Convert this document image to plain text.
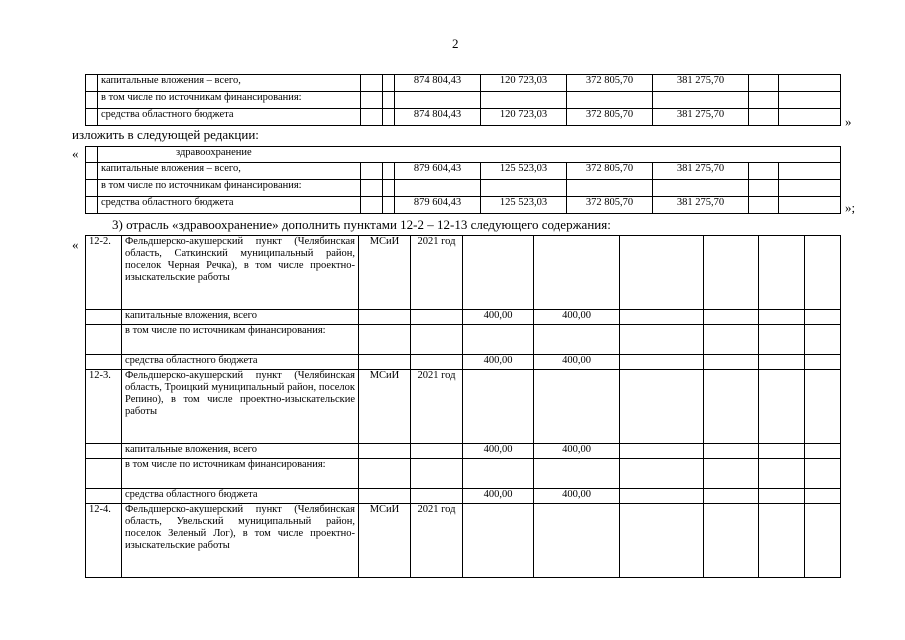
2
	капитальные вложения – всего,			874 804,43	120 723,03	372 805,70	381 275,70		
	в том числе по источникам финансирования:								
	средства областного бюджета			874 804,43	120 723,03	372 805,70	381 275,70			»
изложить в следующей редакции:
«
		здравоохранение								
	капитальные вложения – всего,			879 604,43	125 523,03	372 805,70	381 275,70		
	в том числе по источникам финансирования:								
	средства областного бюджета			879 604,43	125 523,03	372 805,70	381 275,70			»;
3) отрасль «здравоохранение» дополнить пунктами 12-2 – 12-13 следующего содержания:
« 12-2.	Фельдшерско-акушерский пункт (Челябинская область, Саткинский муниципальный район, поселок Черная Речка), в том числе проектно-изыскательские работы	МСиИ	2021 год						
	капитальные вложения, всего			400,00	400,00				
	в том числе по источникам финансирования:								
	средства областного бюджета			400,00	400,00				
12-3.	Фельдшерско-акушерский пункт (Челябинская область, Троицкий муниципальный район, поселок Репино), в том числе проектно-изыскательские работы	МСиИ	2021 год						
	капитальные вложения, всего			400,00	400,00				
	в том числе по источникам финансирования:								
	средства областного бюджета			400,00	400,00				
12-4.	Фельдшерско-акушерский пункт (Челябинская область, Увельский муниципальный район, поселок Зеленый Лог), в том числе проектно-изыскательские работы	МСиИ	2021 год						
